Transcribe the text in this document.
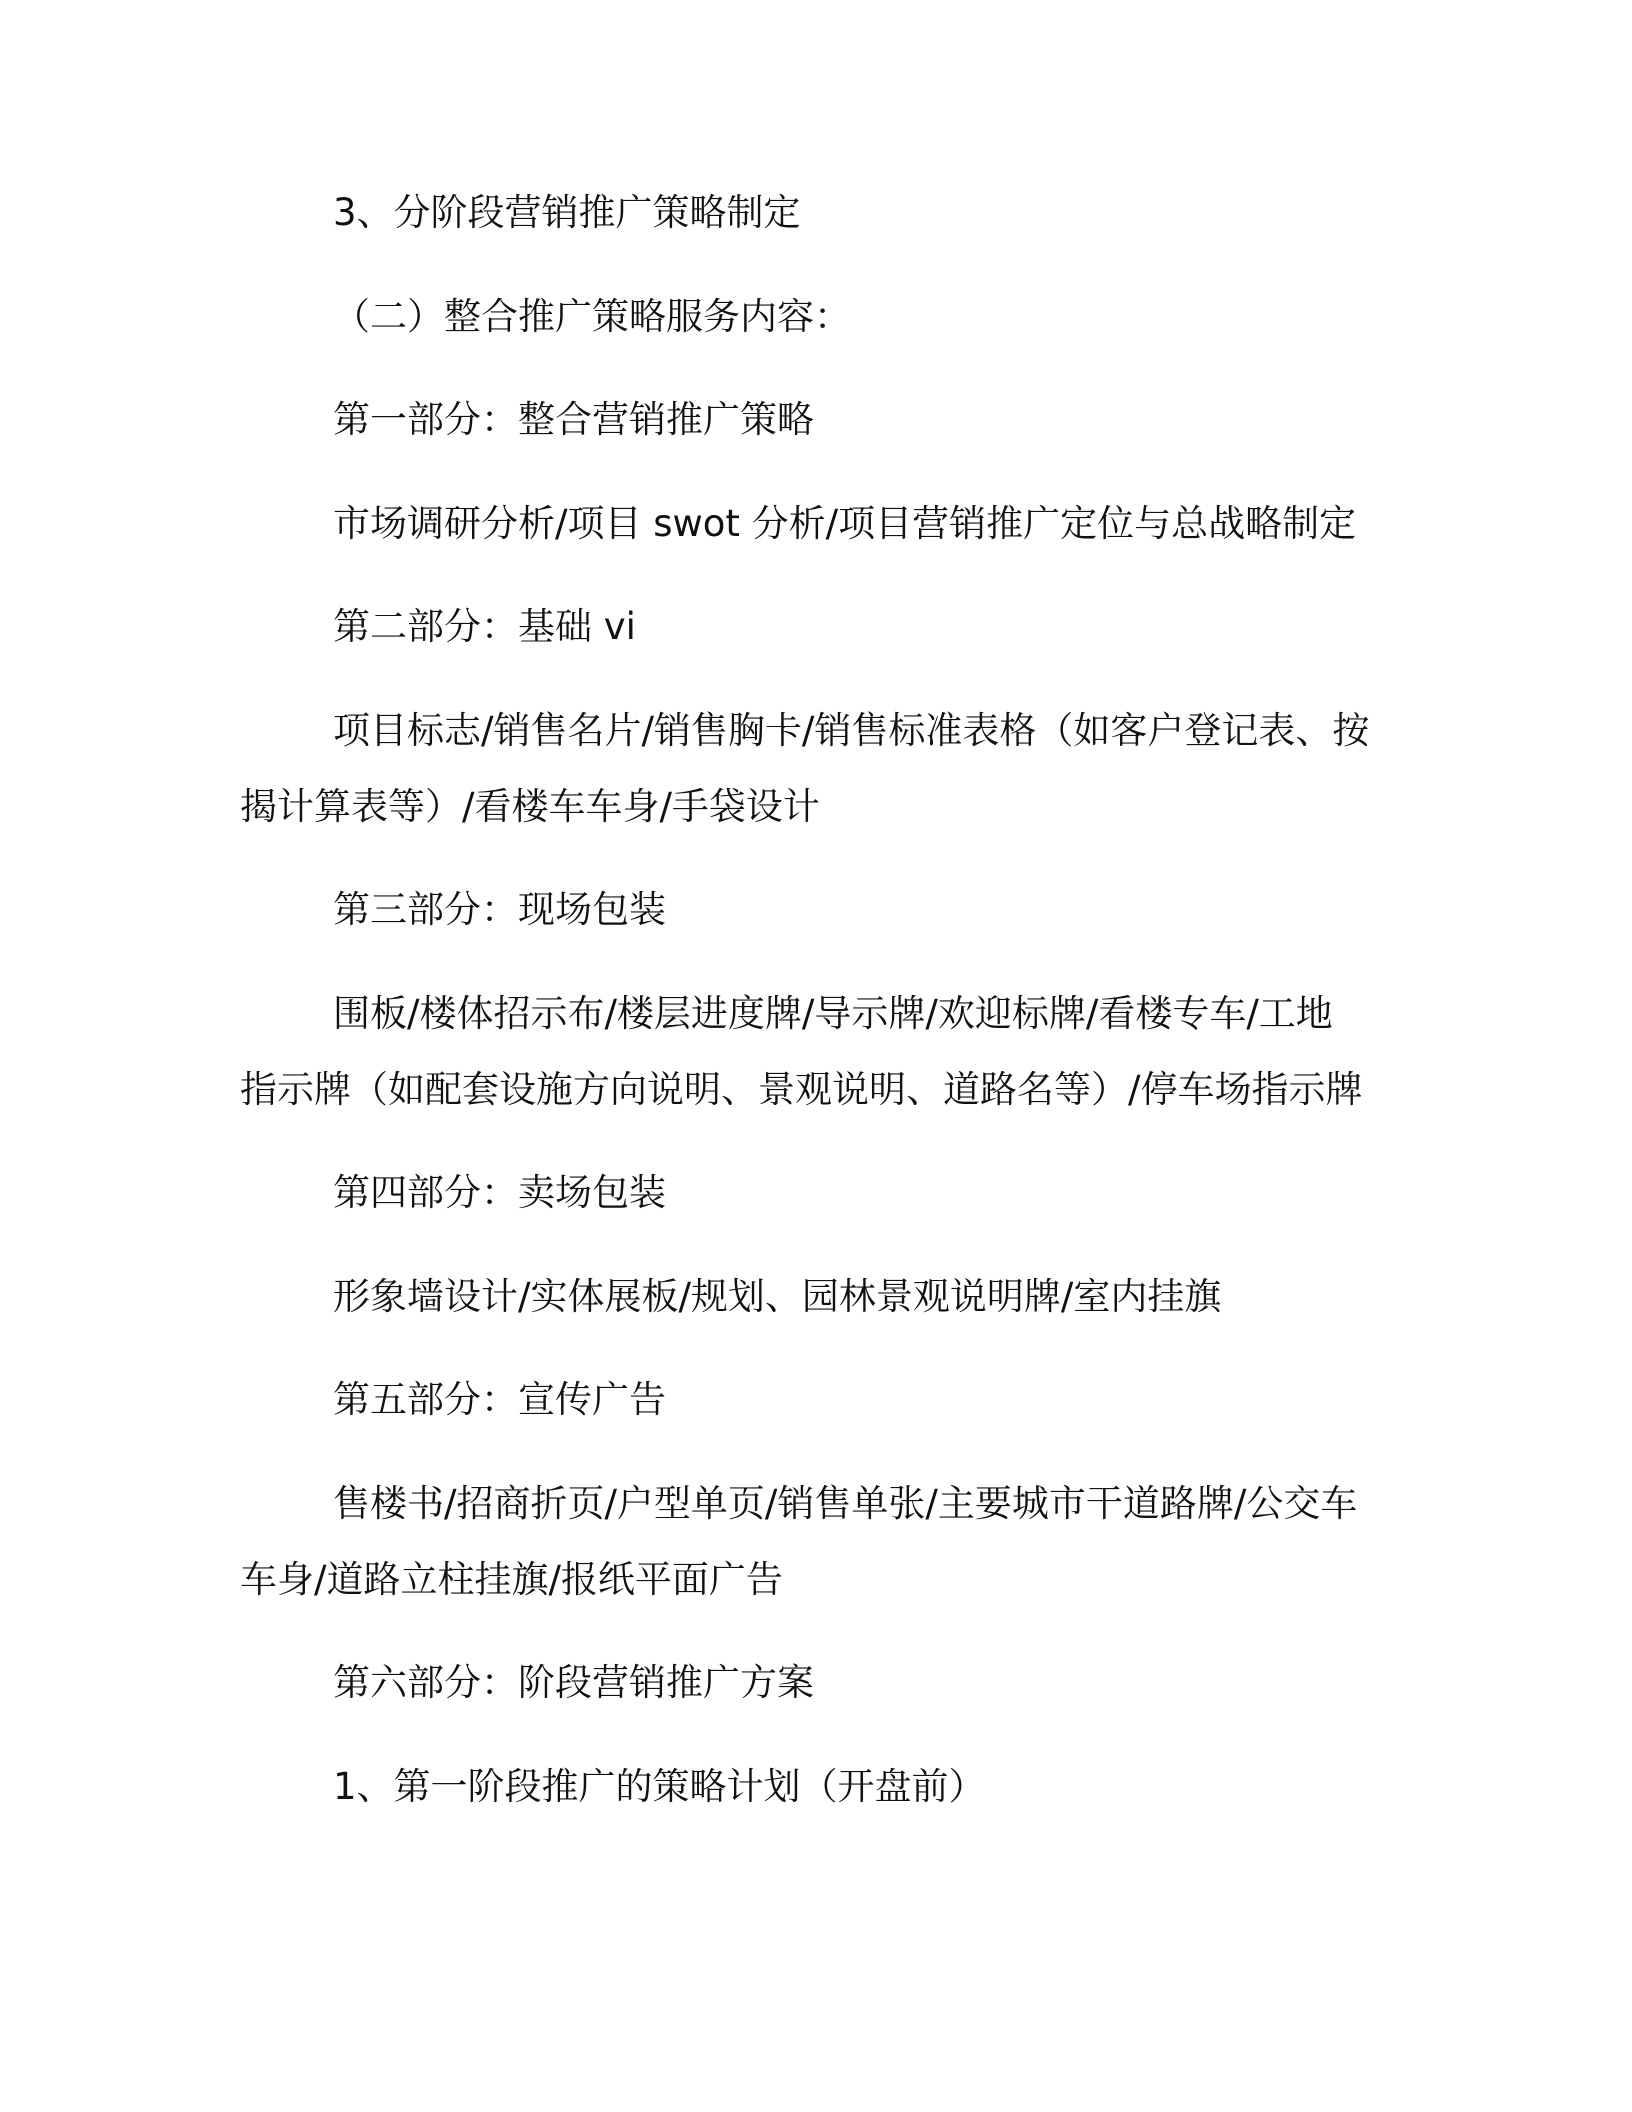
3、分阶段营销推广策略制定

（二）整合推广策略服务内容：

第一部分：整合营销推广策略

市场调研分析/项目 swot 分析/项目营销推广定位与总战略制定

第二部分：基础 vi

项目标志/销售名片/销售胸卡/销售标准表格（如客户登记表、按
揭计算表等）/看楼车车身/手袋设计

第三部分：现场包装

围板/楼体招示布/楼层进度牌/导示牌/欢迎标牌/看楼专车/工地
指示牌（如配套设施方向说明、景观说明、道路名等）/停车场指示牌

第四部分：卖场包装

形象墙设计/实体展板/规划、园林景观说明牌/室内挂旗

第五部分：宣传广告

售楼书/招商折页/户型单页/销售单张/主要城市干道路牌/公交车
车身/道路立柱挂旗/报纸平面广告

第六部分：阶段营销推广方案

1、第一阶段推广的策略计划（开盘前）
